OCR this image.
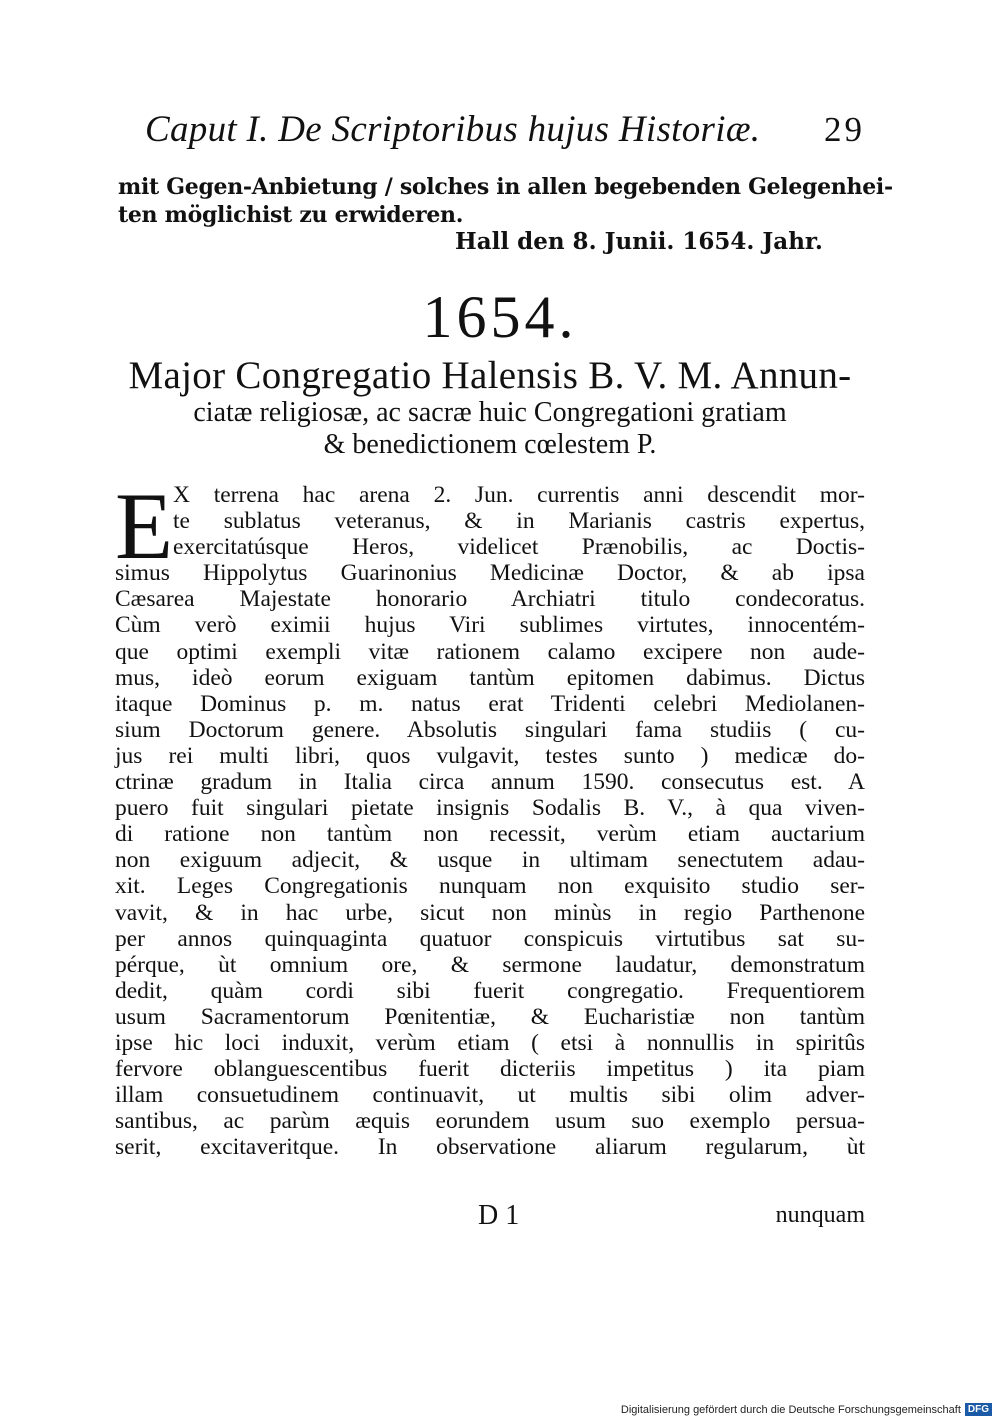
Caput I. De Scriptoribus hujus Historiæ. 29
mit Gegen-Anbietung / solches in allen begebenden Gelegenhei-
ten möglichist zu erwideren.
Hall den 8. Junii. 1654. Jahr.
1654.
Major Congregatio Halensis B. V. M. Annun-
ciatæ religiosæ, ac sacræ huic Congregationi gratiam
& benedictionem cœlestem P.
E X terrena hac arena 2. Jun. currentis anni descendit mor-
te sublatus veteranus, & in Marianis castris expertus,
exercitatúsque Heros, videlicet Prænobilis, ac Doctis-
simus Hippolytus Guarinonius Medicinæ Doctor, & ab ipsa
Cæsarea Majestate honorario Archiatri titulo condecoratus.
Cùm verò eximii hujus Viri sublimes virtutes, innocentém-
que optimi exempli vitæ rationem calamo excipere non aude-
mus, ideò eorum exiguam tantùm epitomen dabimus. Dictus
itaque Dominus p. m. natus erat Tridenti celebri Mediolanen-
sium Doctorum genere. Absolutis singulari fama studiis ( cu-
jus rei multi libri, quos vulgavit, testes sunto ) medicæ do-
ctrinæ gradum in Italia circa annum 1590. consecutus est. A
puero fuit singulari pietate insignis Sodalis B. V., à qua viven-
di ratione non tantùm non recessit, verùm etiam auctarium
non exiguum adjecit, & usque in ultimam senectutem adau-
xit. Leges Congregationis nunquam non exquisito studio ser-
vavit, & in hac urbe, sicut non minùs in regio Parthenone
per annos quinquaginta quatuor conspicuis virtutibus sat su-
pérque, ùt omnium ore, & sermone laudatur, demonstratum
dedit, quàm cordi sibi fuerit congregatio. Frequentiorem
usum Sacramentorum Pœnitentiæ, & Eucharistiæ non tantùm
ipse hic loci induxit, verùm etiam ( etsi à nonnullis in spiritûs
fervore oblanguescentibus fuerit dicteriis impetitus ) ita piam
illam consuetudinem continuavit, ut multis sibi olim adver-
santibus, ac parùm æquis eorundem usum suo exemplo persua-
serit, excitaveritque. In observatione aliarum regularum, ùt
D 1	nunquam
Digitalisierung gefördert durch die Deutsche Forschungsgemeinschaft DFG
